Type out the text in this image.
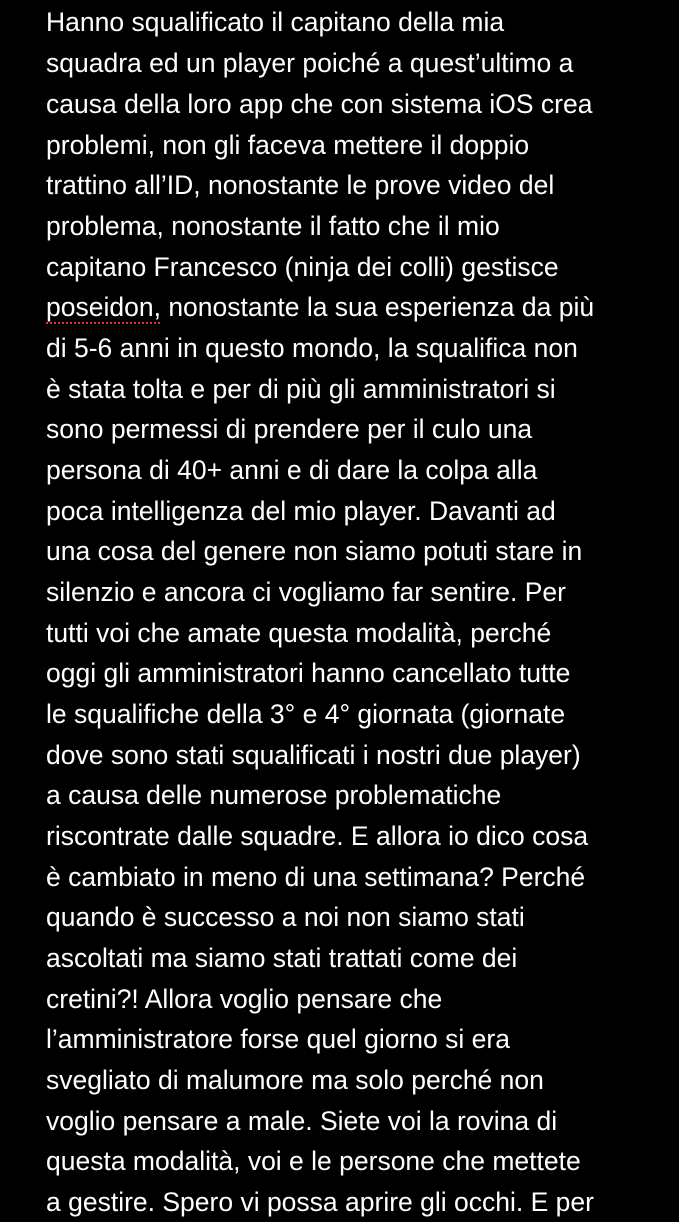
Hanno squalificato il capitano della mia
squadra ed un player poiché a quest’ultimo a
causa della loro app che con sistema iOS crea
problemi, non gli faceva mettere il doppio
trattino all’ID, nonostante le prove video del
problema, nonostante il fatto che il mio
capitano Francesco (ninja dei colli) gestisce
poseidon, nonostante la sua esperienza da più
di 5-6 anni in questo mondo, la squalifica non
è stata tolta e per di più gli amministratori si
sono permessi di prendere per il culo una
persona di 40+ anni e di dare la colpa alla
poca intelligenza del mio player. Davanti ad
una cosa del genere non siamo potuti stare in
silenzio e ancora ci vogliamo far sentire. Per
tutti voi che amate questa modalità, perché
oggi gli amministratori hanno cancellato tutte
le squalifiche della 3° e 4° giornata (giornate
dove sono stati squalificati i nostri due player)
a causa delle numerose problematiche
riscontrate dalle squadre. E allora io dico cosa
è cambiato in meno di una settimana? Perché
quando è successo a noi non siamo stati
ascoltati ma siamo stati trattati come dei
cretini?! Allora voglio pensare che
l’amministratore forse quel giorno si era
svegliato di malumore ma solo perché non
voglio pensare a male. Siete voi la rovina di
questa modalità, voi e le persone che mettete
a gestire. Spero vi possa aprire gli occhi. E per
